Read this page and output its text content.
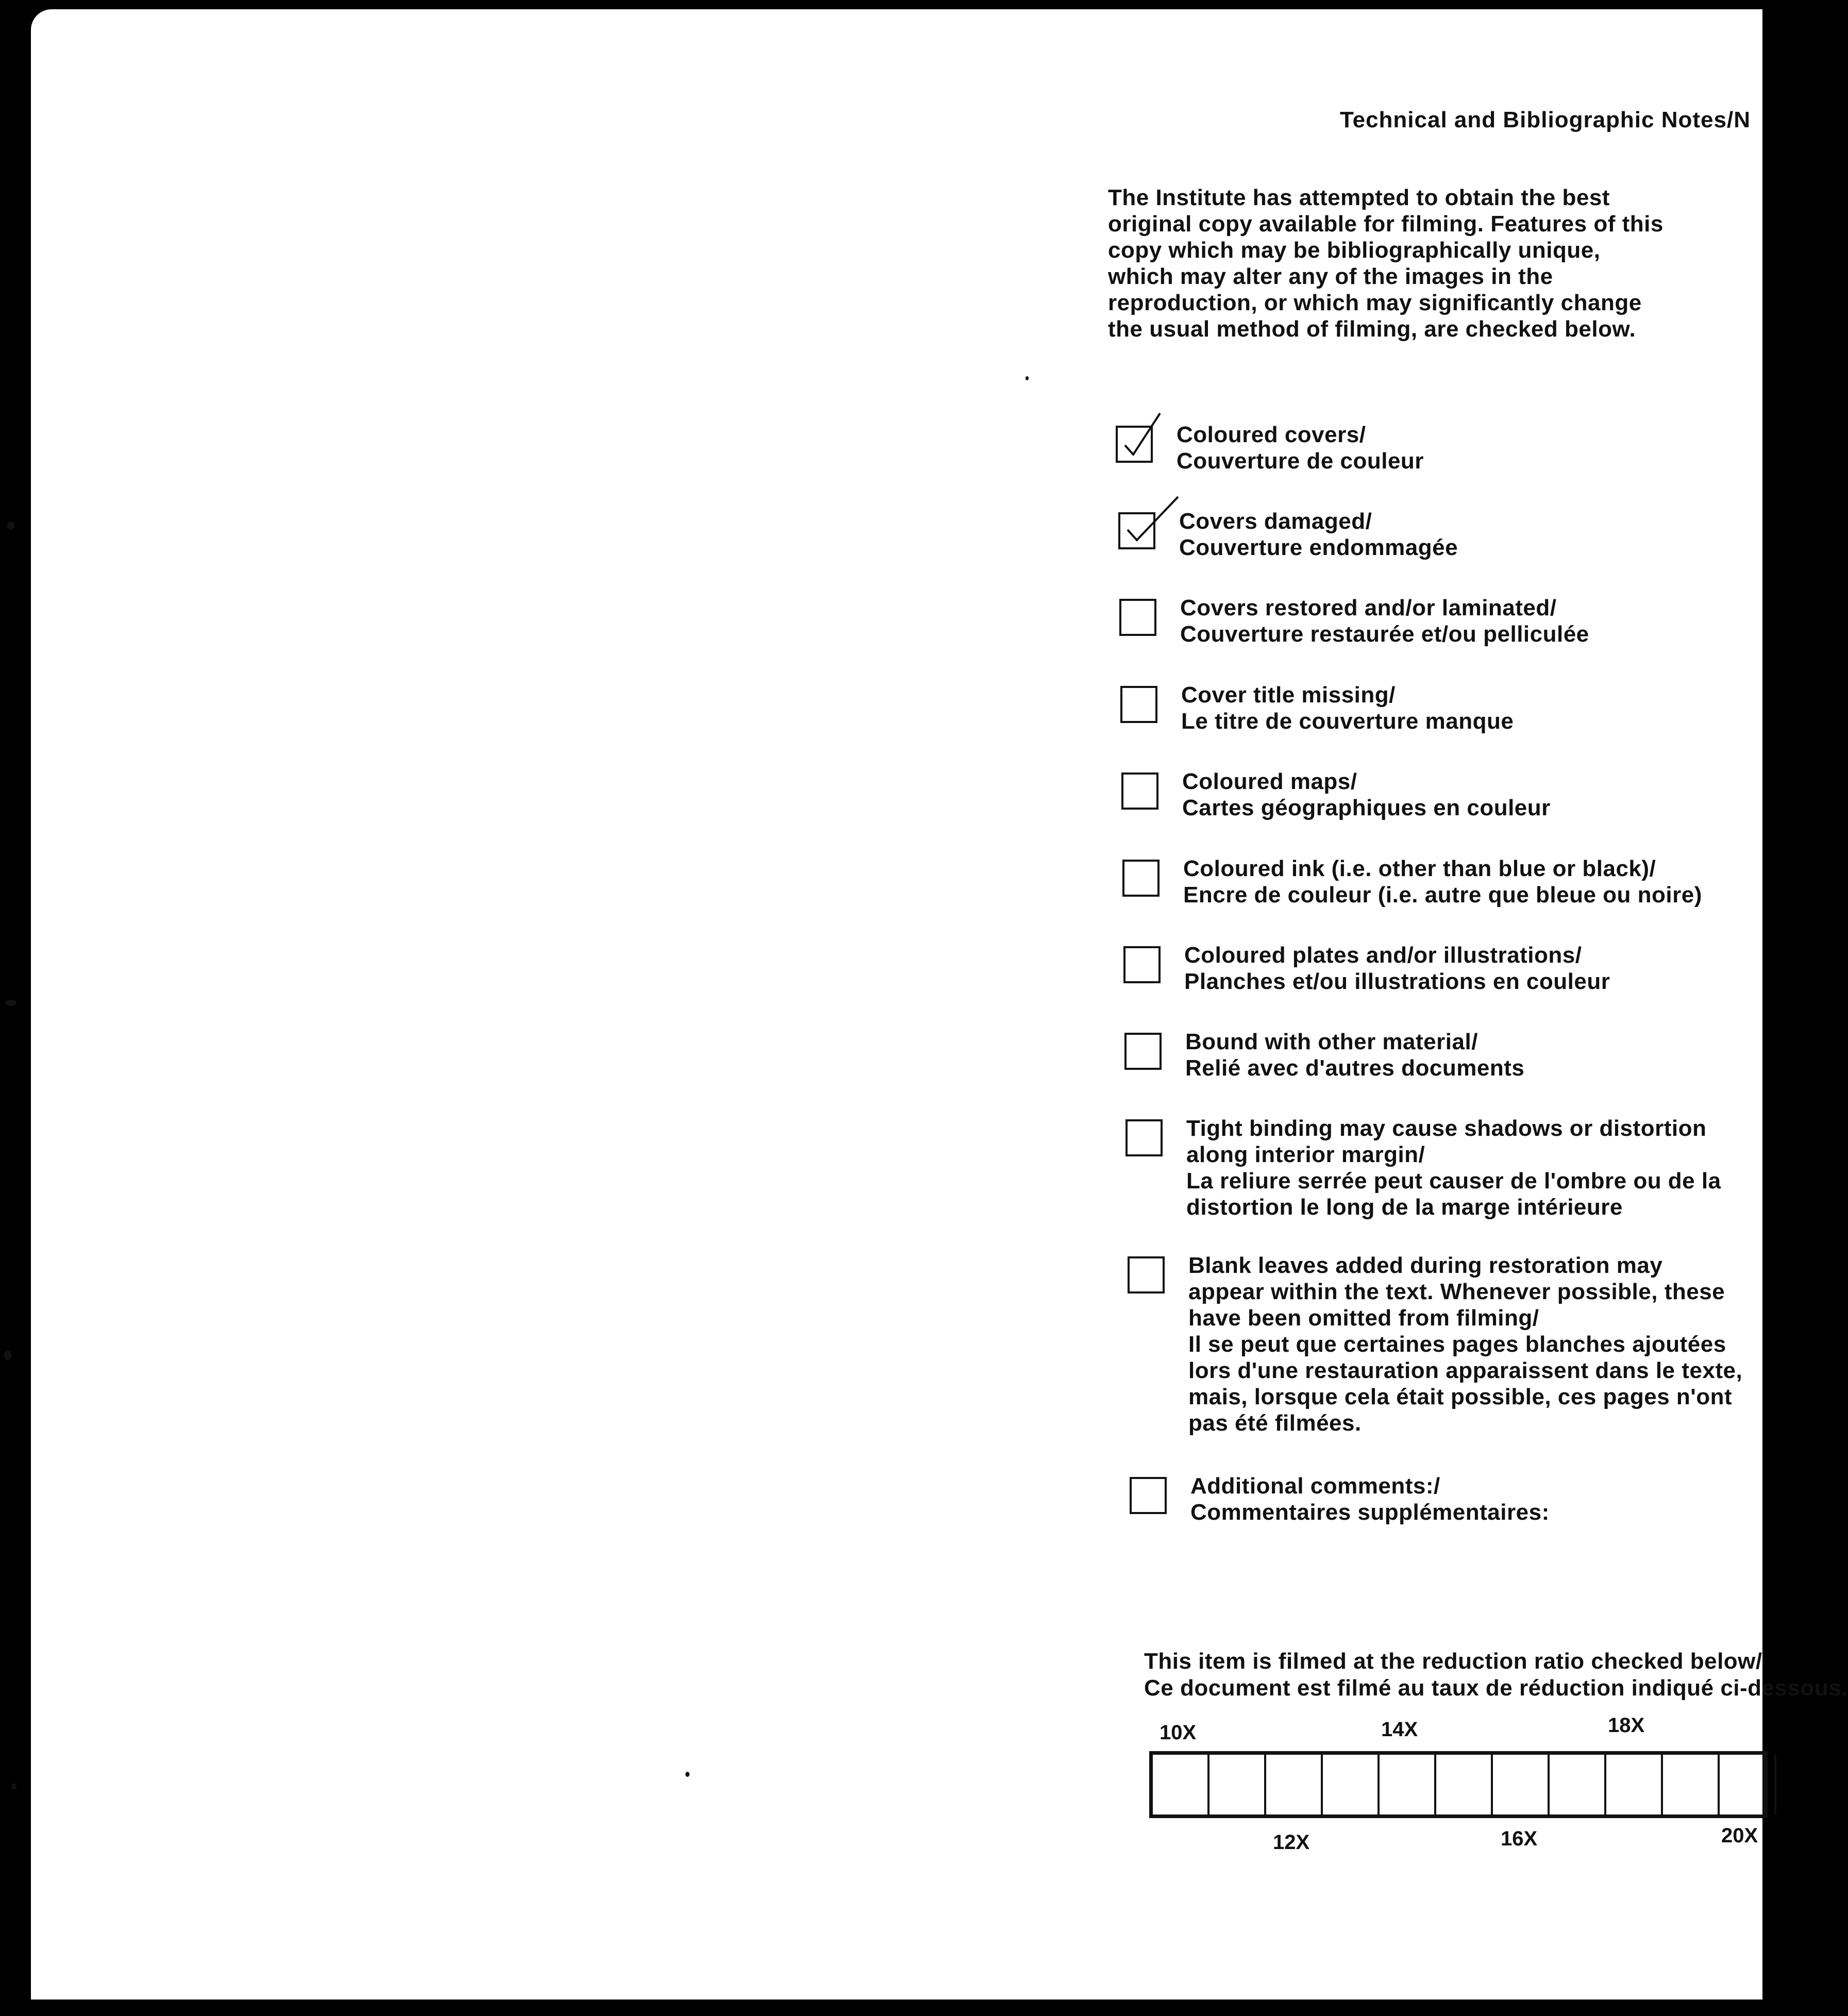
Technical and Bibliographic Notes/N
The Institute has attempted to obtain the best
original copy available for filming. Features of this
copy which may be bibliographically unique,
which may alter any of the images in the
reproduction, or which may significantly change
the usual method of filming, are checked below.
Coloured covers/
Couverture de couleur
Covers damaged/
Couverture endommagée
Covers restored and/or laminated/
Couverture restaurée et/ou pelliculée
Cover title missing/
Le titre de couverture manque
Coloured maps/
Cartes géographiques en couleur
Coloured ink (i.e. other than blue or black)/
Encre de couleur (i.e. autre que bleue ou noire)
Coloured plates and/or illustrations/
Planches et/ou illustrations en couleur
Bound with other material/
Relié avec d'autres documents
Tight binding may cause shadows or distortion
along interior margin/
La reliure serrée peut causer de l'ombre ou de la
distortion le long de la marge intérieure
Blank leaves added during restoration may
appear within the text. Whenever possible, these
have been omitted from filming/
Il se peut que certaines pages blanches ajoutées
lors d'une restauration apparaissent dans le texte,
mais, lorsque cela était possible, ces pages n'ont
pas été filmées.
Additional comments:/
Commentaires supplémentaires:
This item is filmed at the reduction ratio checked below/
Ce document est filmé au taux de réduction indiqué ci-dessous.
10X	14X	18X
12X	16X	20X
